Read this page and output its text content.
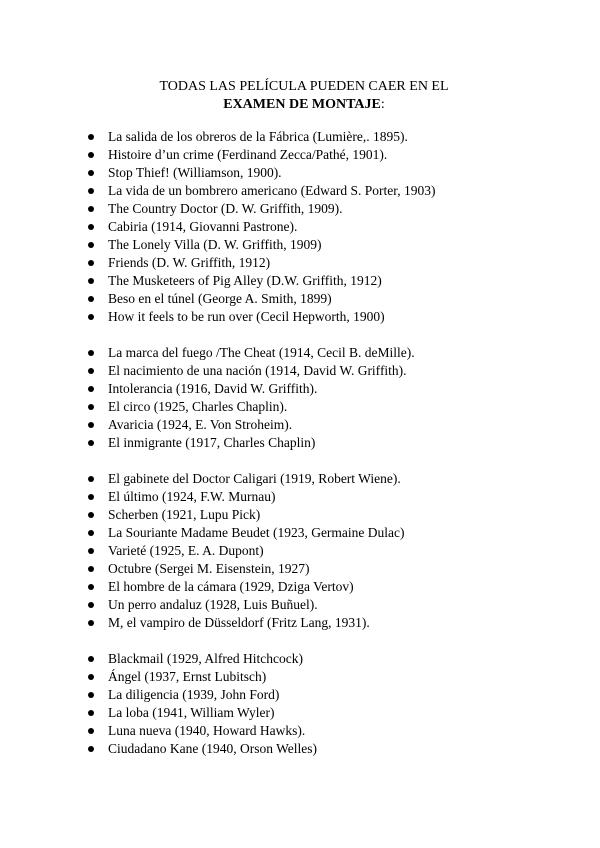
TODAS LAS PELÍCULA PUEDEN CAER EN EL
EXAMEN DE MONTAJE:
La salida de los obreros de la Fábrica (Lumière,. 1895).
Histoire d’un crime (Ferdinand Zecca/Pathé, 1901).
Stop Thief! (Williamson, 1900).
La vida de un bombrero americano (Edward S. Porter, 1903)
The Country Doctor (D. W. Griffith, 1909).
Cabiria (1914, Giovanni Pastrone).
The Lonely Villa (D. W. Griffith, 1909)
Friends (D. W. Griffith, 1912)
The Musketeers of Pig Alley (D.W. Griffith, 1912)
Beso en el túnel (George A. Smith, 1899)
How it feels to be run over (Cecil Hepworth, 1900)
La marca del fuego /The Cheat (1914, Cecil B. deMille).
El nacimiento de una nación (1914, David W. Griffith).
Intolerancia (1916, David W. Griffith).
El circo (1925, Charles Chaplin).
Avaricia (1924, E. Von Stroheim).
El inmigrante (1917, Charles Chaplin)
El gabinete del Doctor Caligari (1919, Robert Wiene).
El último (1924, F.W. Murnau)
Scherben (1921, Lupu Pick)
La Souriante Madame Beudet (1923, Germaine Dulac)
Varieté (1925, E. A. Dupont)
Octubre (Sergei M. Eisenstein, 1927)
El hombre de la cámara (1929, Dziga Vertov)
Un perro andaluz (1928, Luis Buñuel).
M, el vampiro de Düsseldorf (Fritz Lang, 1931).
Blackmail (1929, Alfred Hitchcock)
Ángel (1937, Ernst Lubitsch)
La diligencia (1939, John Ford)
La loba (1941, William Wyler)
Luna nueva (1940, Howard Hawks).
Ciudadano Kane (1940, Orson Welles)
